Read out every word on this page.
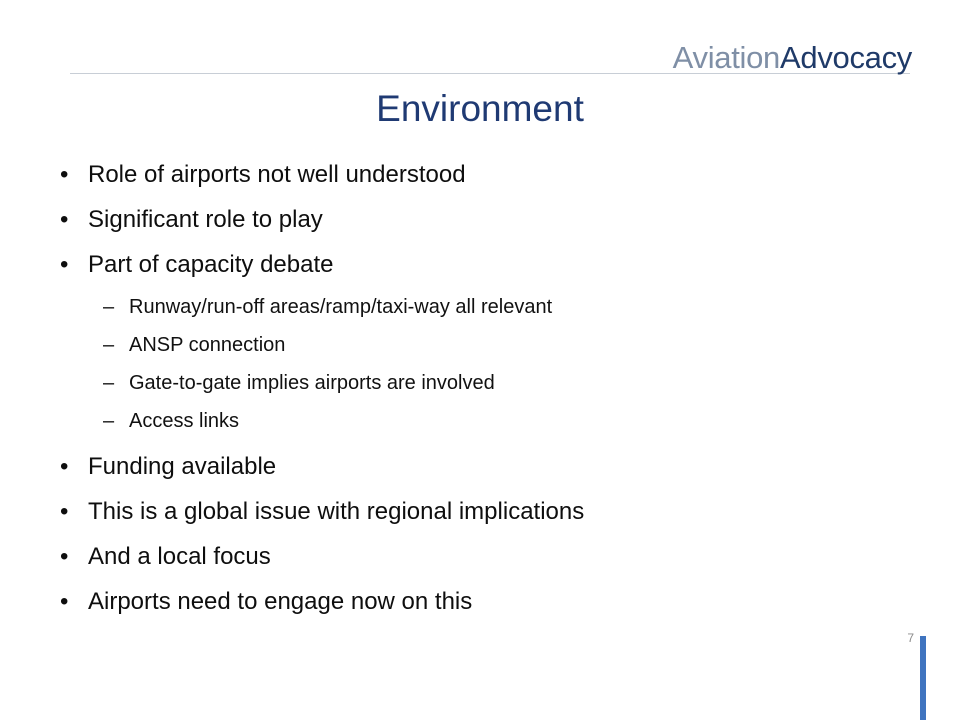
AviationAdvocacy
Environment
• Role of airports not well understood
• Significant role to play
• Part of capacity debate
– Runway/run-off areas/ramp/taxi-way all relevant
– ANSP connection
– Gate-to-gate implies airports are involved
– Access links
• Funding available
• This is a global issue with regional implications
• And a local focus
• Airports need to engage now on this
7
